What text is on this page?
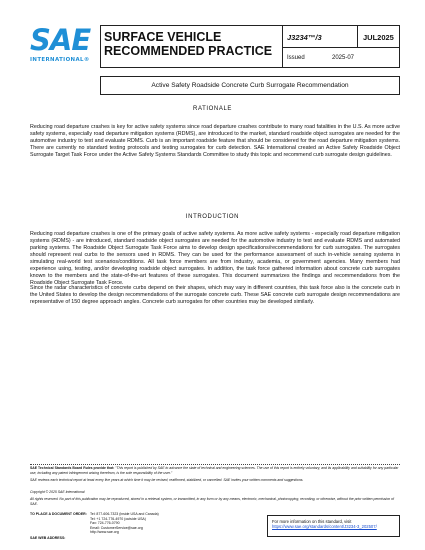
SAE
INTERNATIONAL®
SURFACE VEHICLE
RECOMMENDED PRACTICE
J3234™/3	JUL2025
Issued	2025-07
Active Safety Roadside Concrete Curb Surrogate Recommendation
RATIONALE
Reducing road departure crashes is key for active safety systems since road departure crashes contribute to many road fatalities in the U.S. As more active safety systems, especially road departure mitigation systems (RDMS), are introduced to the market, standard roadside object surrogates are needed for the automotive industry to test and evaluate RDMS. Curb is an important roadside feature that should be considered for the road departure mitigation systems. There are currently no standard testing protocols and testing surrogates for curb detection. SAE International created an Active Safety Roadside Object Surrogate Target Task Force under the Active Safety Systems Standards Committee to study this topic and recommend curb surrogate design guidelines.
INTRODUCTION
Reducing road departure crashes is one of the primary goals of active safety systems. As more active safety systems - especially road departure mitigation systems (RDMS) - are introduced, standard roadside object surrogates are needed for the automotive industry to test and evaluate RDMS and automated parking systems. The Roadside Object Surrogate Task Force aims to develop design specifications/recommendations for curb surrogates. The surrogates should represent real curbs to the sensors used in RDMS. They can be used for the performance assessment of such in-vehicle sensing systems in simulating real-world test scenarios/conditions. All task force members are from industry, academia, or government agencies. Many members had experience using, testing, and/or developing roadside object surrogates. In addition, the task force gathered information about concrete curb surrogates known to the members and the state-of-the-art features of these surrogates. This document summarizes the findings and recommendations from the Roadside Object Surrogate Task Force.
Since the radar characteristics of concrete curbs depend on their shapes, which may vary in different countries, this task force also is the concrete curb in the United States to develop the design recommendations of the surrogate concrete curb. These SAE concrete curb surrogate design recommendations are representative of 150 degree approach angles. Concrete curb surrogates for other countries may be developed similarly.
SAE Technical Standards Board Rules provide that: "This report is published by SAE to advance the state of technical and engineering sciences. The use of this report is entirely voluntary, and its applicability and suitability for any particular use, including any patent infringement arising therefrom, is the sole responsibility of the user."
SAE reviews each technical report at least every five years at which time it may be revised, reaffirmed, stabilized, or cancelled. SAE invites your written comments and suggestions.
Copyright © 2025 SAE International
All rights reserved. No part of this publication may be reproduced, stored in a retrieval system, or transmitted, in any form or by any means, electronic, mechanical, photocopying, recording, or otherwise, without the prior written permission of SAE.
TO PLACE A DOCUMENT ORDER: Tel: 877-606-7323 (inside USA and Canada)
Tel: +1 724-776-4970 (outside USA)
Fax: 724-776-0790
Email: CustomerService@sae.org
http://www.sae.org
SAE WEB ADDRESS:
For more information on this standard, visit
https://www.sae.org/standards/content/J3234-3_202507/
